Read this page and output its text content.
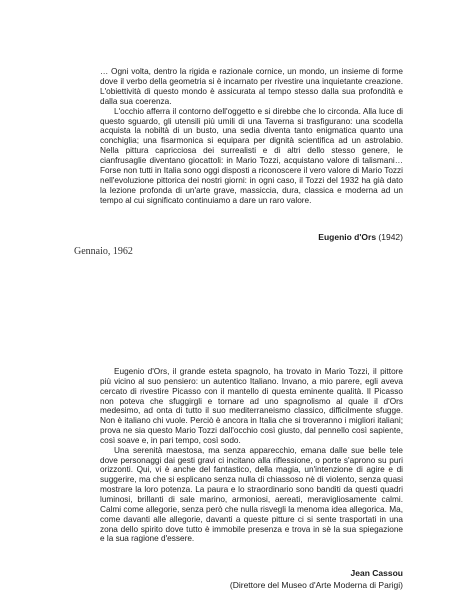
… Ogni volta, dentro la rigida e razionale cornice, un mondo, un insieme di forme dove il verbo della geometria si è incarnato per rivestire una inquietante creazione. L'obiettività di questo mondo è assicurata al tempo stesso dalla sua profondità e dalla sua coerenza.

L'occhio afferra il contorno dell'oggetto e si direbbe che lo circonda. Alla luce di questo sguardo, gli utensili più umili di una Taverna si trasfigurano: una scodella acquista la nobiltà di un busto, una sedia diventa tanto enigmatica quanto una conchiglia; una fisarmonica si equipara per dignità scientifica ad un astrolabio. Nella pittura capricciosa dei surrealisti e di altri dello stesso genere, le cianfrusaglie diventano giocattoli: in Mario Tozzi, acquistano valore di talismani… Forse non tutti in Italia sono oggi disposti a riconoscere il vero valore di Mario Tozzi nell'evoluzione pittorica dei nostri giorni: in ogni caso, il Tozzi del 1932 ha già dato la lezione profonda di un'arte grave, massiccia, dura, classica e moderna ad un tempo al cui significato continuiamo a dare un raro valore.

Eugenio d'Ors (1942)
Gennaio, 1962

Eugenio d'Ors, il grande esteta spagnolo, ha trovato in Mario Tozzi, il pittore più vicino al suo pensiero: un autentico Italiano. Invano, a mio parere, egli aveva cercato di rivestire Picasso con il mantello di questa eminente qualità. Il Picasso non poteva che sfuggirgli e tornare ad uno spagnolismo al quale il d'Ors medesimo, ad onta di tutto il suo mediterraneismo classico, difficilmente sfugge. Non è italiano chi vuole. Perciò è ancora in Italia che si troveranno i migliori italiani; prova ne sia questo Mario Tozzi dall'occhio così giusto, dal pennello così sapiente, così soave e, in pari tempo, così sodo.

Una serenità maestosa, ma senza apparecchio, emana dalle sue belle tele dove personaggi dai gesti gravi ci incitano alla riflessione, o porte s'aprono su puri orizzonti. Qui, vi è anche del fantastico, della magia, un'intenzione di agire e di suggerire, ma che si esplicano senza nulla di chiassoso nè di violento, senza quasi mostrare la loro potenza. La paura e lo straordinario sono banditi da questi quadri luminosi, brillanti di sale marino, armoniosi, aereati, meravigliosamente calmi. Calmi come allegorie, senza però che nulla risvegli la menoma idea allegorica. Ma, come davanti alle allegorie, davanti a queste pitture ci si sente trasportati in una zona dello spirito dove tutto è immobile presenza e trova in sè la sua spiegazione e la sua ragione d'essere.

Jean Cassou
(Direttore del Museo d'Arte Moderna di Parigi)
